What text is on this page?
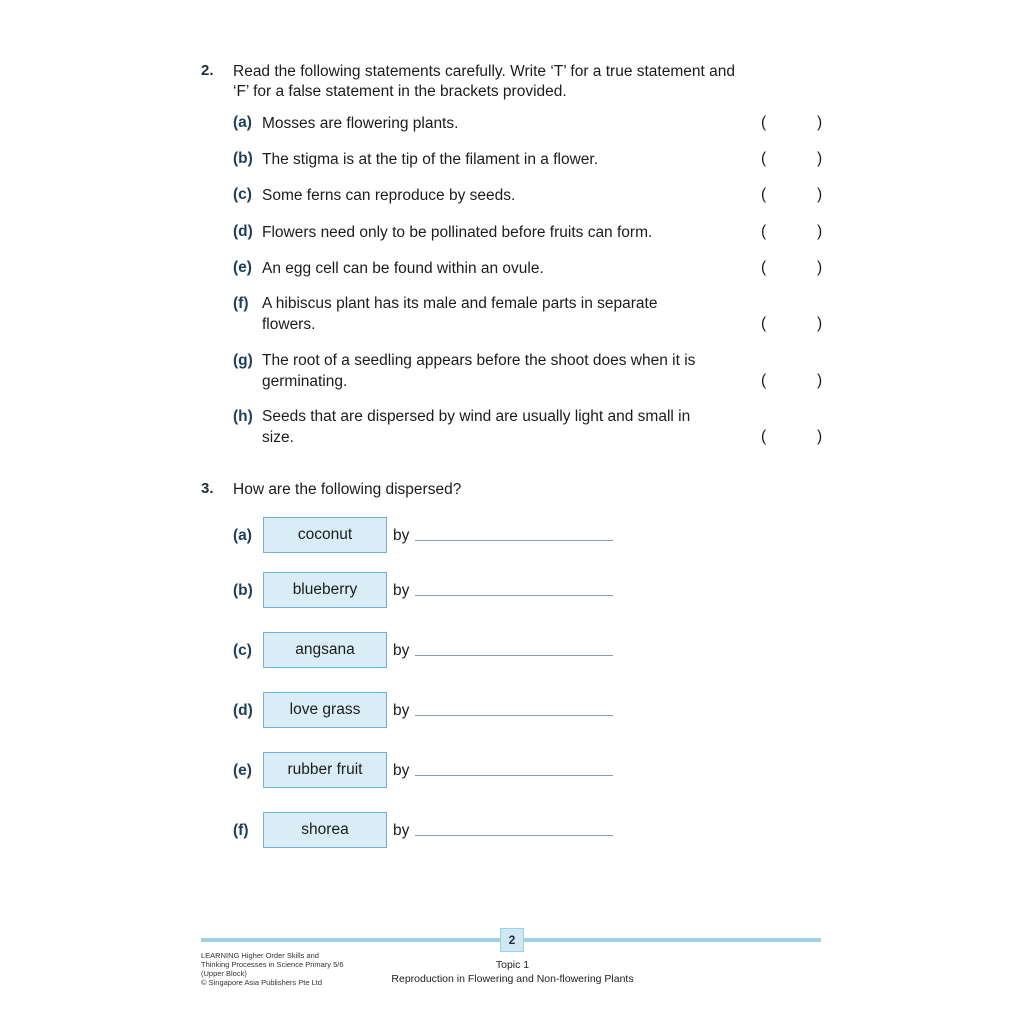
2. Read the following statements carefully. Write ‘T’ for a true statement and
‘F’ for a false statement in the brackets provided.
(a) Mosses are flowering plants.	(	)
(b) The stigma is at the tip of the filament in a flower.	(	)
(c) Some ferns can reproduce by seeds.	(	)
(d) Flowers need only to be pollinated before fruits can form.	(	)
(e) An egg cell can be found within an ovule.	(	)
(f) A hibiscus plant has its male and female parts in separate
flowers.	(	)
(g) The root of a seedling appears before the shoot does when it is
germinating.	(	)
(h) Seeds that are dispersed by wind are usually light and small in
size.	(	)
3. How are the following dispersed?
(a)	coconut	by
(b)	blueberry	by
(c)	angsana	by
(d)	love grass	by
(e)	rubber fruit	by
(f)	shorea	by
2
LEARNING Higher Order Skills and
Thinking Processes in Science Primary 5/6
(Upper Block)
© Singapore Asia Publishers Pte Ltd
Topic 1
Reproduction in Flowering and Non-flowering Plants
